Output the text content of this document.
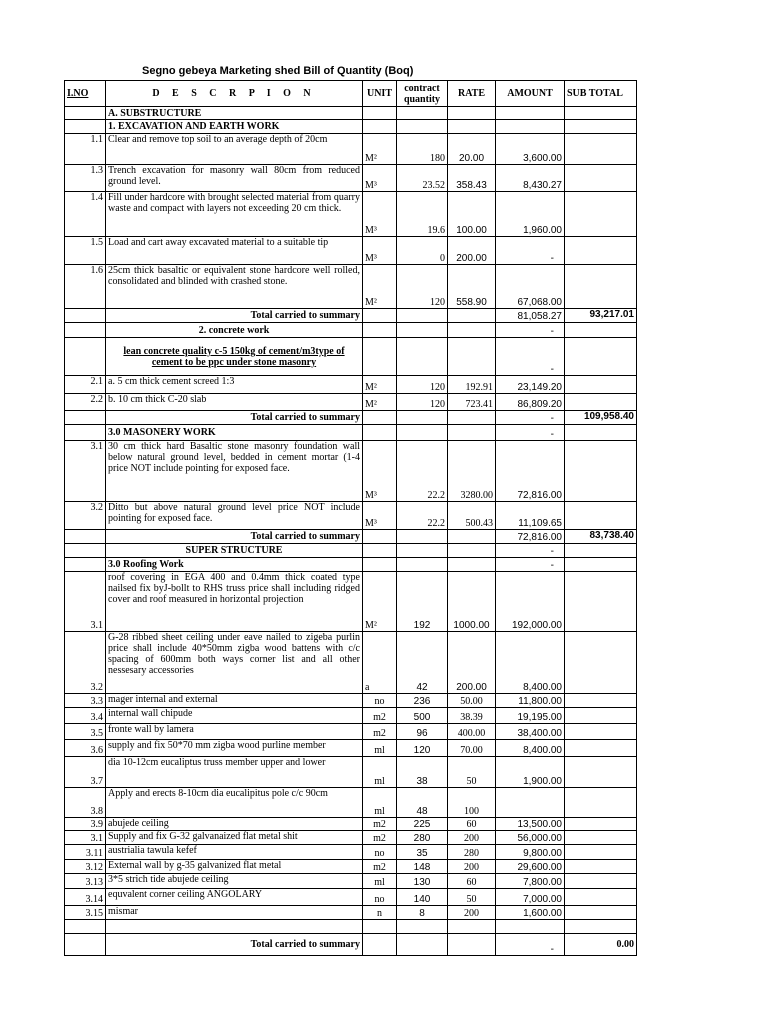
Segno gebeya Marketing shed Bill of Quantity (Boq)
I.NO	D E S C R P I O N	UNIT	contract
quantity	RATE	AMOUNT	SUB TOTAL
	A. SUBSTRUCTURE					
	1. EXCAVATION AND EARTH WORK					
1.1	Clear and remove top soil to an average depth of 20cm	M²	180	20.00	3,600.00	
1.3	Trench excavation for masonry wall 80cm from reduced ground level.	M³	23.52	358.43	8,430.27	
1.4	Fill under hardcore with brought selected material from quarry waste and compact with layers not exceeding 20 cm thick.	M³	19.6	100.00	1,960.00	
1.5	Load and cart away excavated material to a suitable tip	M³	0	200.00	-	
1.6	25cm thick basaltic or equivalent stone hardcore well rolled, consolidated and blinded with crashed stone.	M²	120	558.90	67,068.00	
	Total carried to summary				81,058.27	93,217.01
	2. concrete work				-	
	lean concrete quality c-5 150kg of cement/m3type of cement to be ppc under stone masonry				-	
2.1	a. 5 cm thick cement screed 1:3	M²	120	192.91	23,149.20	
2.2	b. 10 cm thick C-20 slab	M²	120	723.41	86,809.20	
	Total carried to summary				-	109,958.40
	3.0 MASONERY WORK				-	
3.1	30 cm thick hard Basaltic stone masonry foundation wall below natural ground level, bedded in cement mortar (1-4 price NOT include pointing for exposed face.	M³	22.2	3280.00	72,816.00	
3.2	Ditto but above natural ground level price NOT include pointing for exposed face.	M³	22.2	500.43	11,109.65	
	Total carried to summary				72,816.00	83,738.40
	SUPER STRUCTURE				-	
	3.0 Roofing Work				-	
3.1	roof covering in EGA 400 and 0.4mm thick coated type nailsed fix byJ-bollt to RHS truss price shall including ridged cover and roof measured in horizontal projection	M²	192	1000.00	192,000.00	
3.2	G-28 ribbed sheet ceiling under eave nailed to zigeba purlin price shall include 40*50mm zigba wood battens with c/c spacing of 600mm both ways corner list and all other nessesary accessories	a	42	200.00	8,400.00	
3.3	mager internal and external	no	236	50.00	11,800.00	
3.4	internal wall chipude	m2	500	38.39	19,195.00	
3.5	fronte wall by lamera	m2	96	400.00	38,400.00	
3.6	supply and fix 50*70 mm zigba wood purline member	ml	120	70.00	8,400.00	
3.7	dia 10-12cm eucaliptus truss member upper and lower	ml	38	50	1,900.00	
3.8	Apply and erects 8-10cm dia eucalipitus pole c/c 90cm	ml	48	100		
3.9	abujede ceiling	m2	225	60	13,500.00	
3.1	Supply and fix G-32 galvanaized flat metal shit	m2	280	200	56,000.00	
3.11	austrialia tawula kefef	no	35	280	9,800.00	
3.12	External wall by g-35 galvanized flat metal	m2	148	200	29,600.00	
3.13	3*5 strich tide abujede ceiling	ml	130	60	7,800.00	
3.14	equvalent corner ceiling ANGOLARY	no	140	50	7,000.00	
3.15	mismar	n	8	200	1,600.00	

	Total carried to summary				-	0.00
